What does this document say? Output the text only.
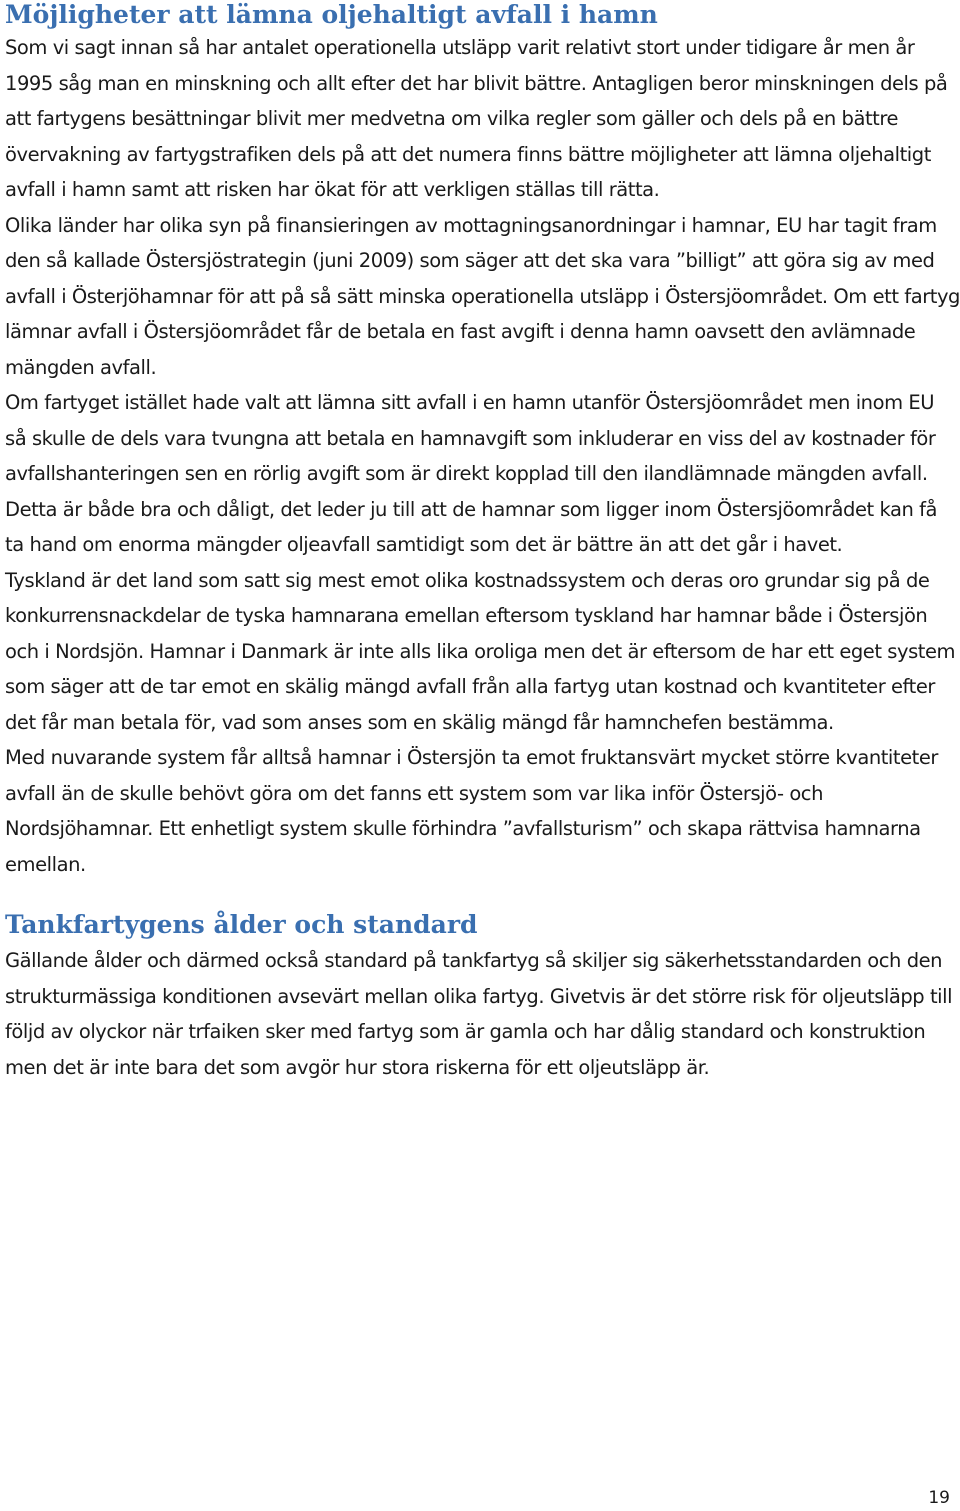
Möjligheter att lämna oljehaltigt avfall i hamn

Som vi sagt innan så har antalet operationella utsläpp varit relativt stort under tidigare år men år 1995 såg man en minskning och allt efter det har blivit bättre. Antagligen beror minskningen dels på att fartygens besättningar blivit mer medvetna om vilka regler som gäller och dels på en bättre övervakning av fartygstrafiken dels på att det numera finns bättre möjligheter att lämna oljehaltigt avfall i hamn samt att risken har ökat för att verkligen ställas till rätta.

Olika länder har olika syn på finansieringen av mottagningsanordningar i hamnar, EU har tagit fram den så kallade Östersjöstrategin (juni 2009) som säger att det ska vara ”billigt” att göra sig av med avfall i Österjöhamnar för att på så sätt minska operationella utsläpp i Östersjöområdet. Om ett fartyg lämnar avfall i Östersjöområdet får de betala en fast avgift i denna hamn oavsett den avlämnade mängden avfall.

Om fartyget istället hade valt att lämna sitt avfall i en hamn utanför Östersjöområdet men inom EU så skulle de dels vara tvungna att betala en hamnavgift som inkluderar en viss del av kostnader för avfallshanteringen sen en rörlig avgift som är direkt kopplad till den ilandlämnade mängden avfall.

Detta är både bra och dåligt, det leder ju till att de hamnar som ligger inom Östersjöområdet kan få ta hand om enorma mängder oljeavfall samtidigt som det är bättre än att det går i havet.

Tyskland är det land som satt sig mest emot olika kostnadssystem och deras oro grundar sig på de konkurrensnackdelar de tyska hamnarana emellan eftersom tyskland har hamnar både i Östersjön och i Nordsjön. Hamnar i Danmark är inte alls lika oroliga men det är eftersom de har ett eget system som säger att de tar emot en skälig mängd avfall från alla fartyg utan kostnad och kvantiteter efter det får man betala för, vad som anses som en skälig mängd får hamnchefen bestämma.

Med nuvarande system får alltså hamnar i Östersjön ta emot fruktansvärt mycket större kvantiteter avfall än de skulle behövt göra om det fanns ett system som var lika inför Östersjö- och Nordsjöhamnar. Ett enhetligt system skulle förhindra ”avfallsturism” och skapa rättvisa hamnarna emellan.

Tankfartygens ålder och standard

Gällande ålder och därmed också standard på tankfartyg så skiljer sig säkerhetsstandarden och den strukturmässiga konditionen avsevärt mellan olika fartyg. Givetvis är det större risk för oljeutsläpp till följd av olyckor när trfaiken sker med fartyg som är gamla och har dålig standard och konstruktion men det är inte bara det som avgör hur stora riskerna för ett oljeutsläpp är.

19
